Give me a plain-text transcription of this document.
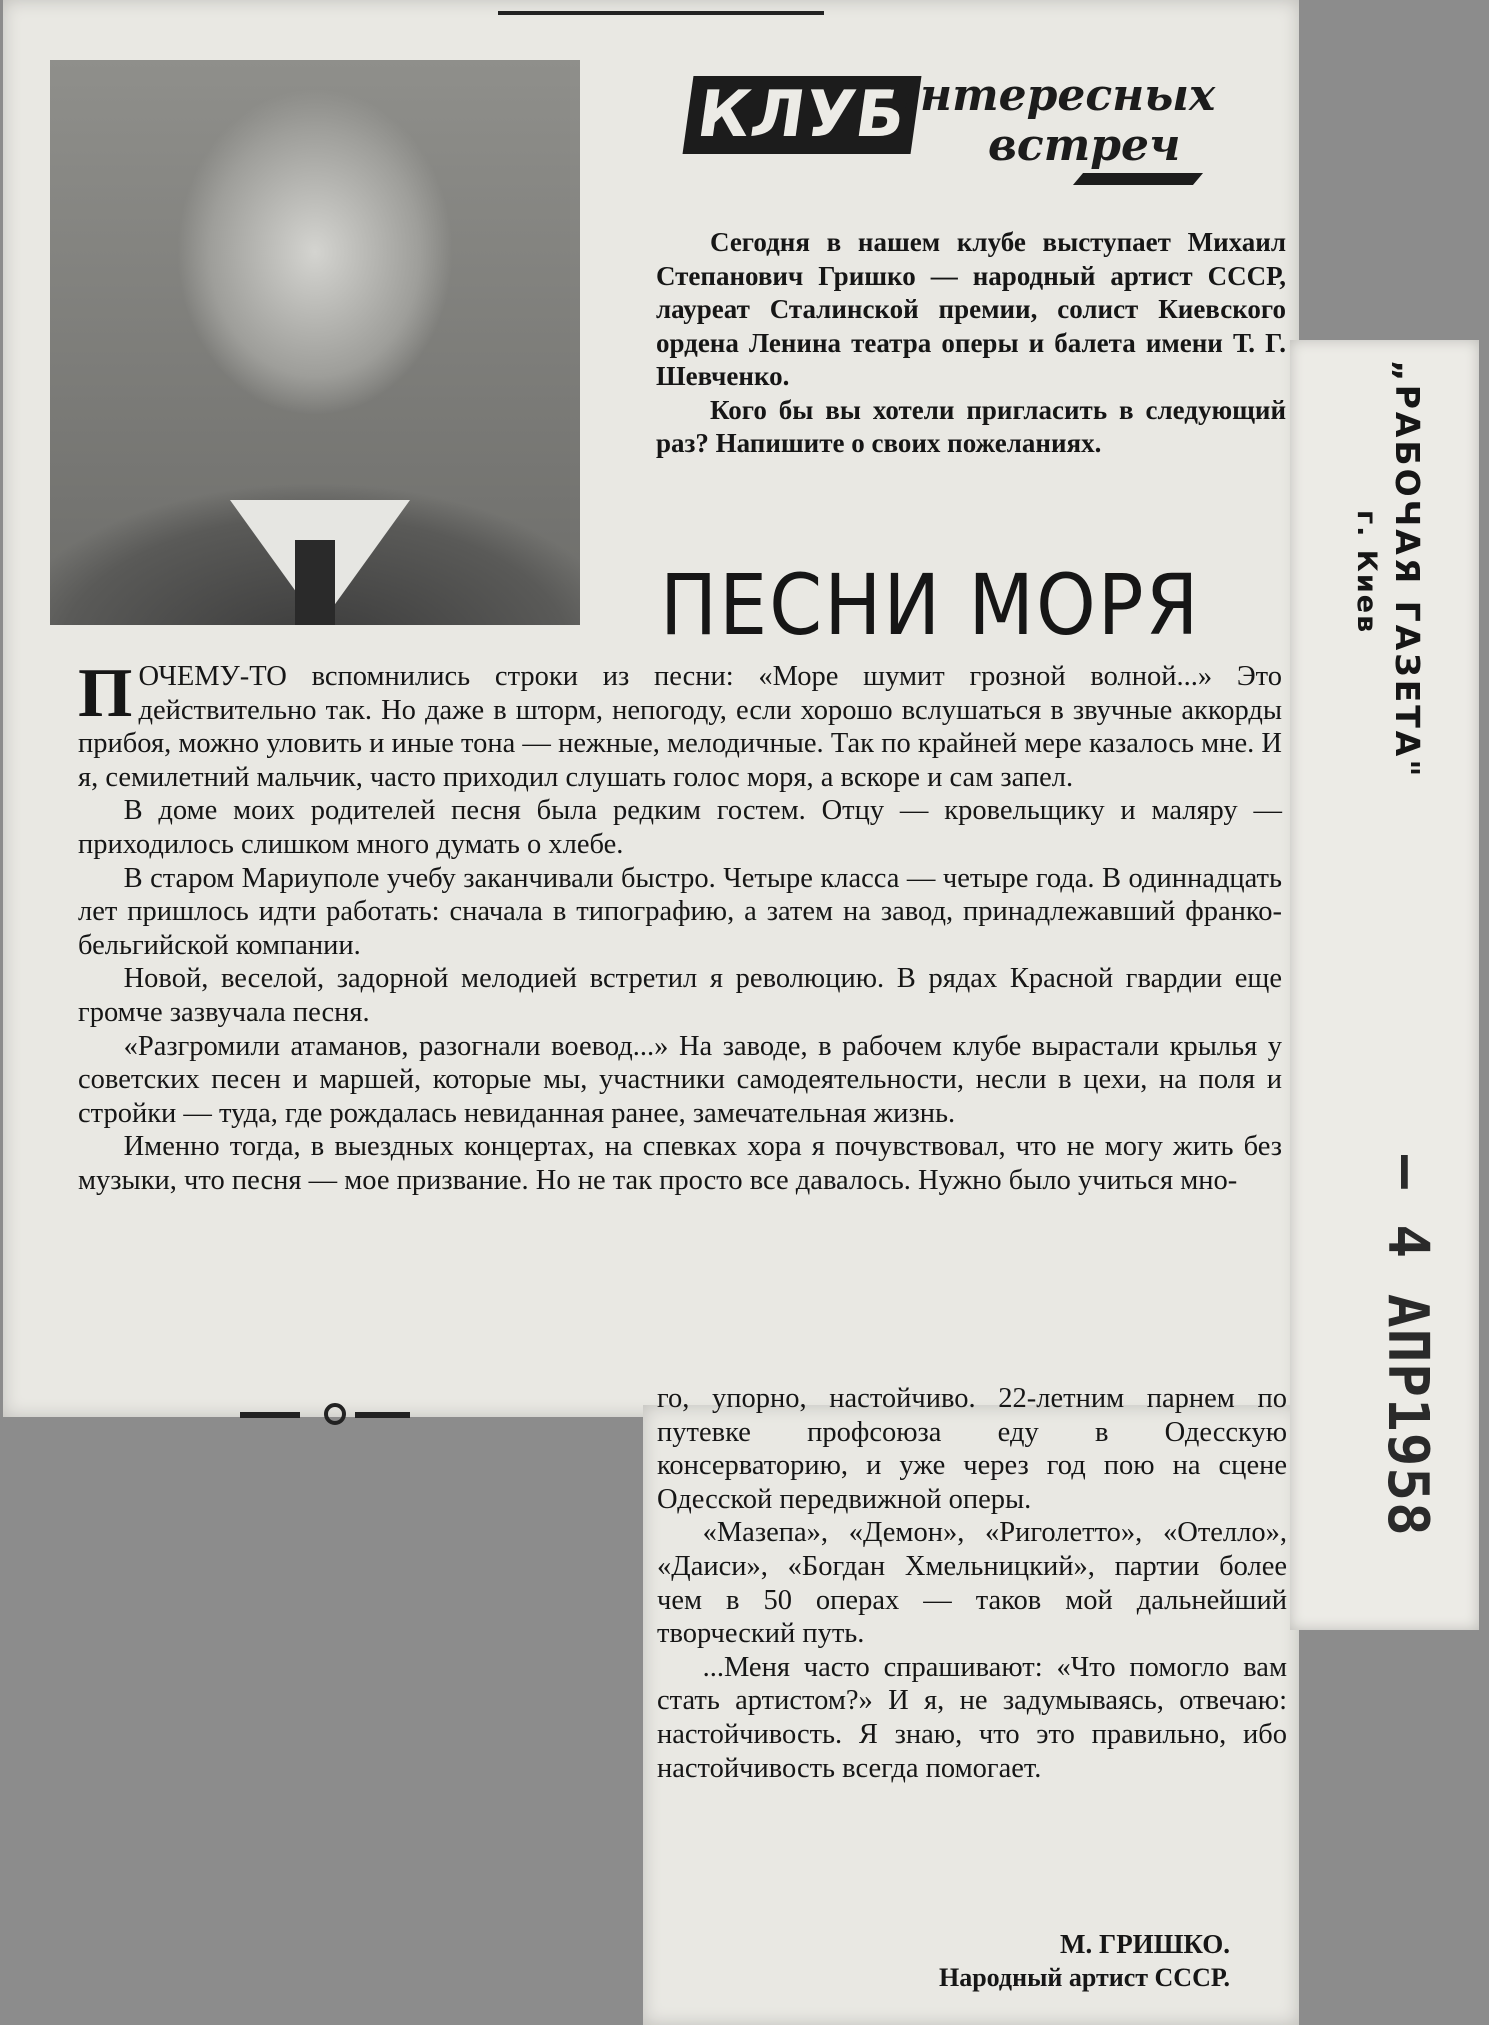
КЛУБ
интересных
встреч

Сегодня в нашем клубе выступает Михаил Степанович Гришко — народный артист СССР, лауреат Сталинской премии, солист Киевского ордена Ленина театра оперы и балета имени Т. Г. Шевченко.

Кого бы вы хотели пригласить в следующий раз? Напишите о своих пожеланиях.

ПЕСНИ МОРЯ

ПОЧЕМУ-ТО вспомнились строки из песни: «Море шумит грозной волной...» Это действительно так. Но даже в шторм, непогоду, если хорошо вслушаться в звучные аккорды прибоя, можно уловить и иные тона — нежные, мелодичные. Так по крайней мере казалось мне. И я, семилетний мальчик, часто приходил слушать голос моря, а вскоре и сам запел.

В доме моих родителей песня была редким гостем. Отцу — кровельщику и маляру — приходилось слишком много думать о хлебе.

В старом Мариуполе учебу заканчивали быстро. Четыре класса — четыре года. В одиннадцать лет пришлось идти работать: сначала в типографию, а затем на завод, принадлежавший франко-бельгийской компании.

Новой, веселой, задорной мелодией встретил я революцию. В рядах Красной гвардии еще громче зазвучала песня.

«Разгромили атаманов, разогнали воевод...» На заводе, в рабочем клубе вырастали крылья у советских песен и маршей, которые мы, участники самодеятельности, несли в цехи, на поля и стройки — туда, где рождалась невиданная ранее, замечательная жизнь.

Именно тогда, в выездных концертах, на спевках хора я почувствовал, что не могу жить без музыки, что песня — мое призвание. Но не так просто все давалось. Нужно было учиться мно-

го, упорно, настойчиво. 22-летним парнем по путевке профсоюза еду в Одесскую консерваторию, и уже через год пою на сцене Одесской передвижной оперы.

«Мазепа», «Демон», «Риголетто», «Отелло», «Даиси», «Богдан Хмельницкий», партии более чем в 50 операх — таков мой дальнейший творческий путь.

...Меня часто спрашивают: «Что помогло вам стать артистом?» И я, не задумываясь, отвечаю: настойчивость. Я знаю, что это правильно, ибо настойчивость всегда помогает.

М. ГРИШКО.
Народный артист СССР.
„РАБОЧАЯ ГАЗЕТА"
г. Киев
— 4 АПР1958
